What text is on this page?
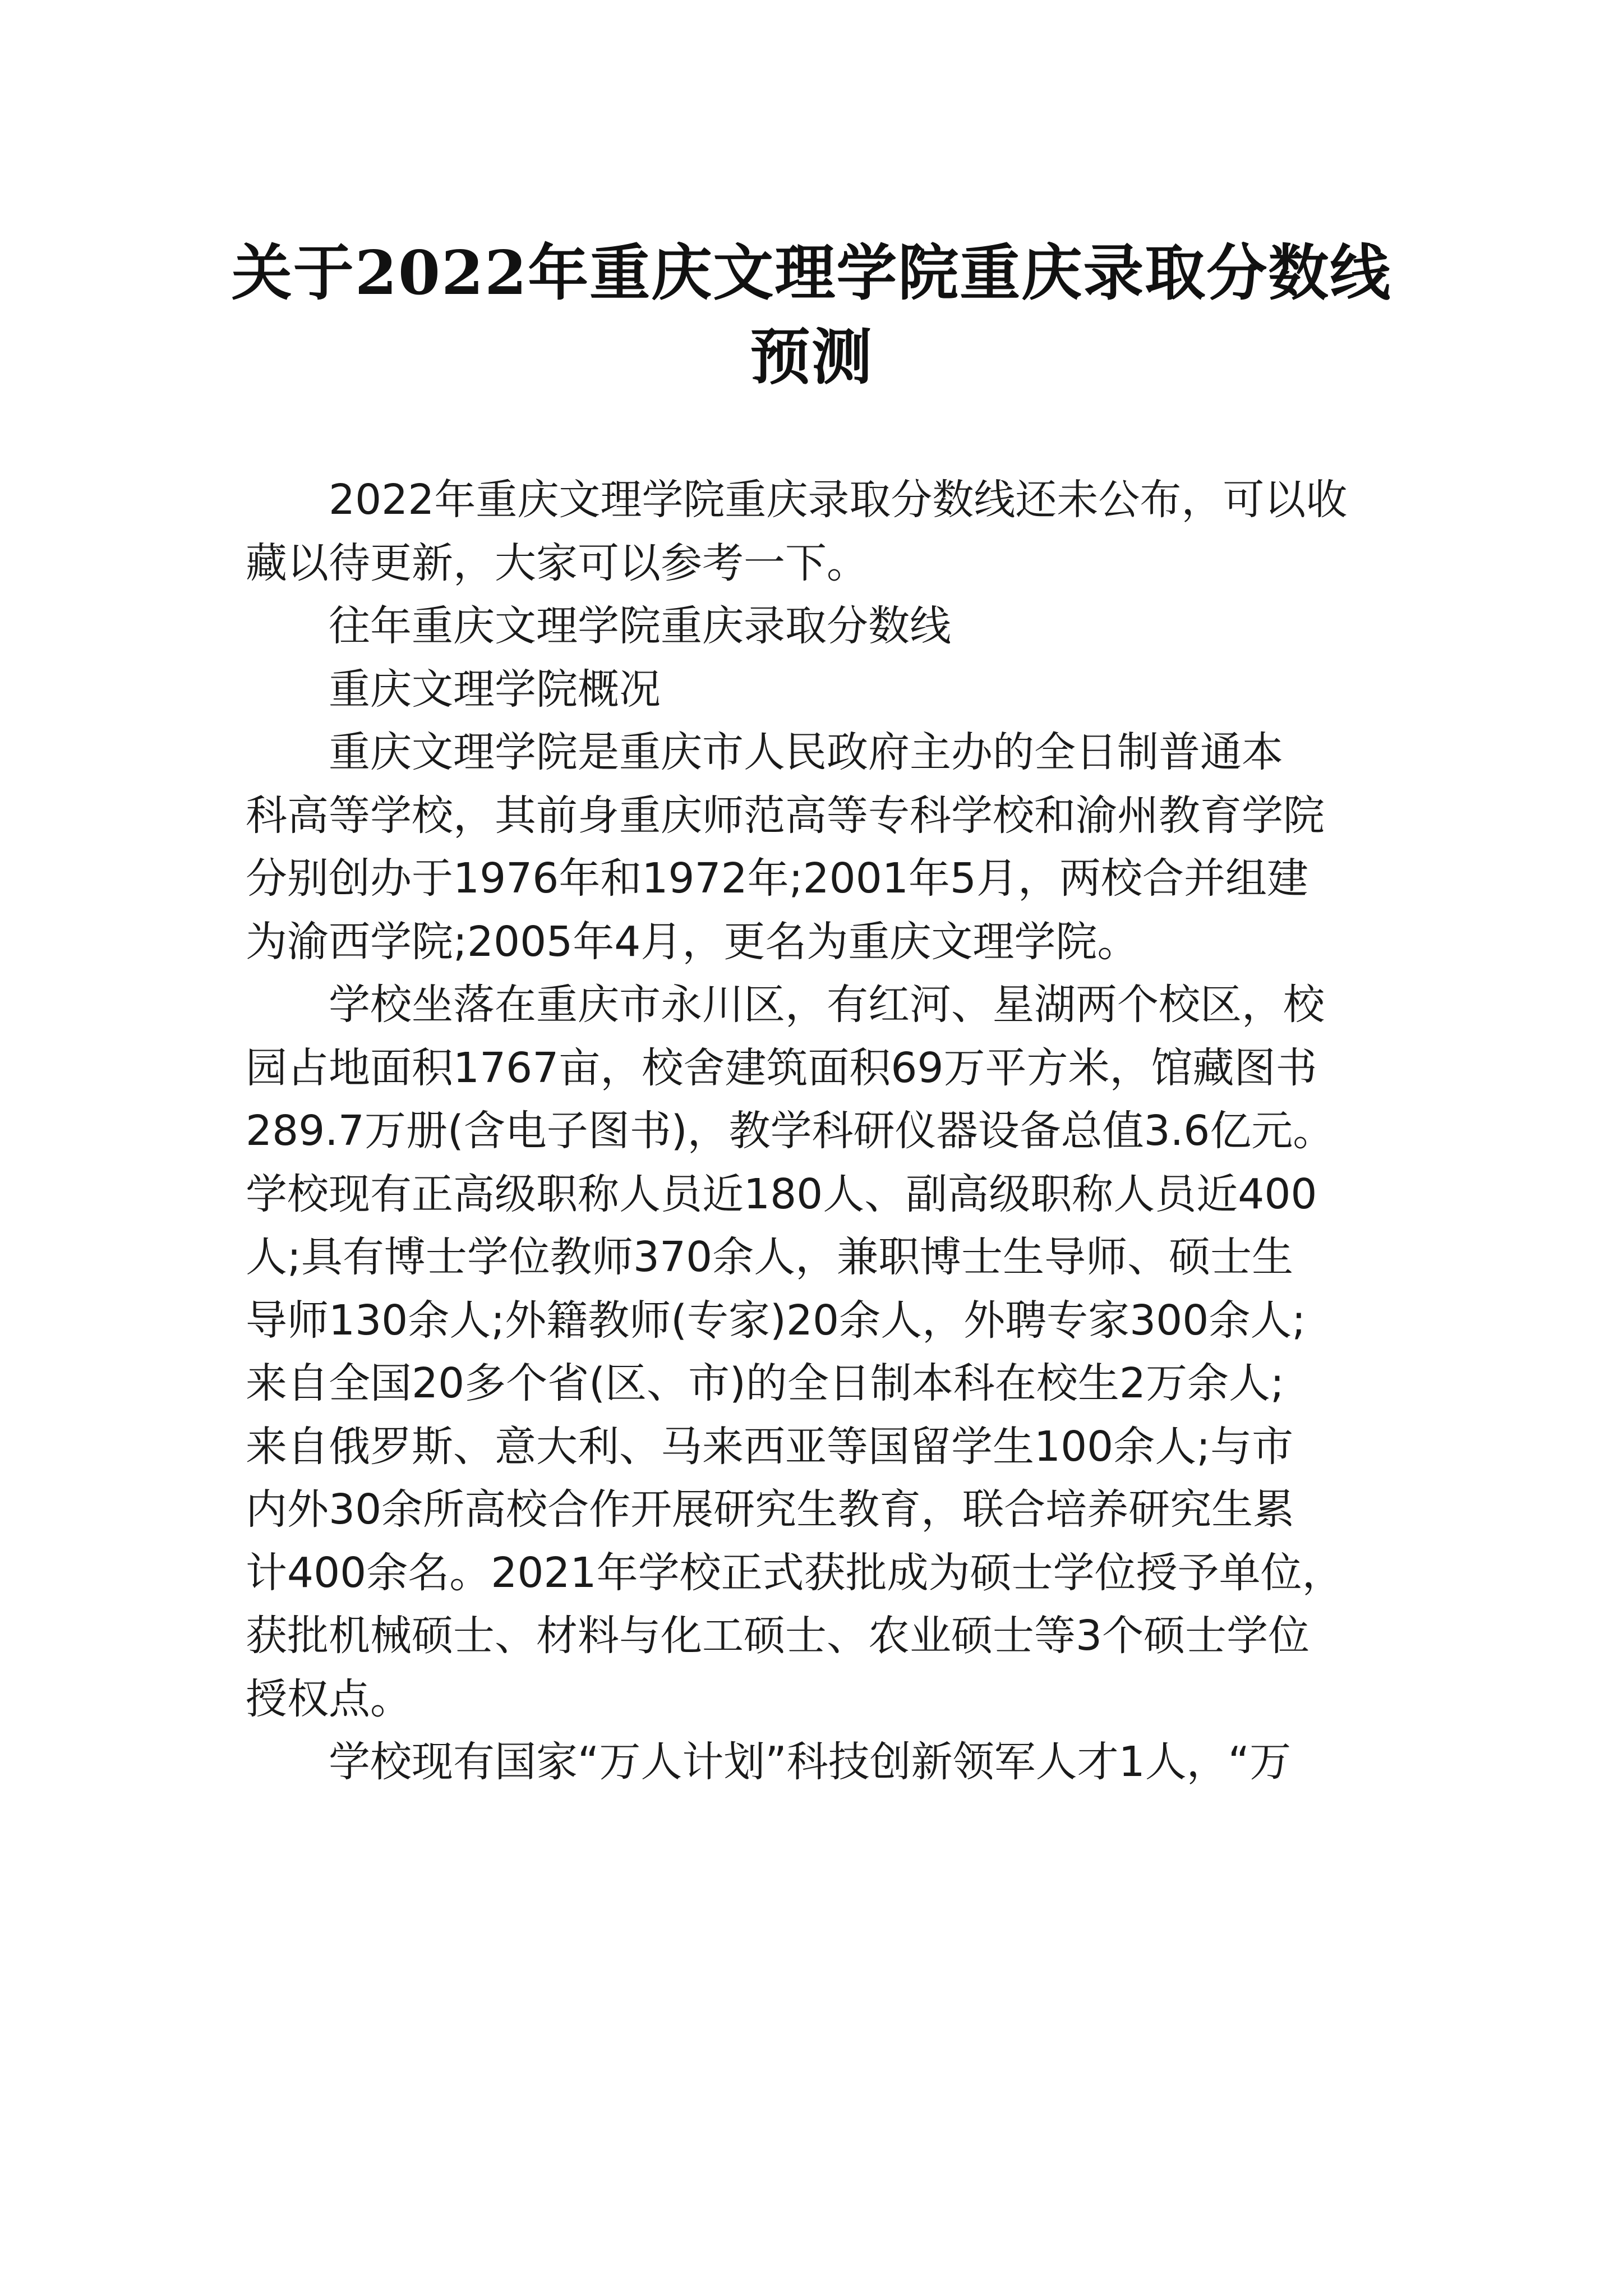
关于2022年重庆文理学院重庆录取分数线
预测

2022年重庆文理学院重庆录取分数线还未公布，可以收
藏以待更新，大家可以参考一下。

往年重庆文理学院重庆录取分数线

重庆文理学院概况

重庆文理学院是重庆市人民政府主办的全日制普通本
科高等学校，其前身重庆师范高等专科学校和渝州教育学院
分别创办于1976年和1972年;2001年5月，两校合并组建
为渝西学院;2005年4月，更名为重庆文理学院。

学校坐落在重庆市永川区，有红河、星湖两个校区，校
园占地面积1767亩，校舍建筑面积69万平方米，馆藏图书
289.7万册(含电子图书)，教学科研仪器设备总值3.6亿元。
学校现有正高级职称人员近180人、副高级职称人员近400
人;具有博士学位教师370余人，兼职博士生导师、硕士生
导师130余人;外籍教师(专家)20余人，外聘专家300余人;
来自全国20多个省(区、市)的全日制本科在校生2万余人;
来自俄罗斯、意大利、马来西亚等国留学生100余人;与市
内外30余所高校合作开展研究生教育，联合培养研究生累
计400余名。2021年学校正式获批成为硕士学位授予单位，
获批机械硕士、材料与化工硕士、农业硕士等3个硕士学位
授权点。

学校现有国家“万人计划”科技创新领军人才1人，“万
